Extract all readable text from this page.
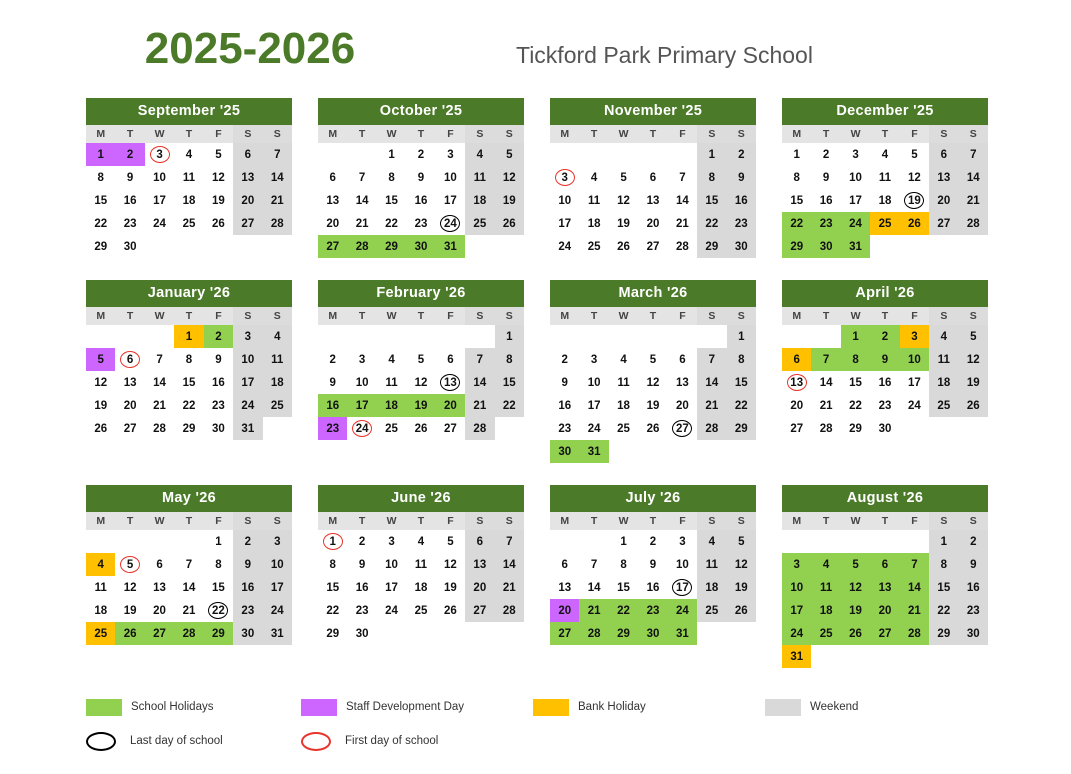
2025-2026	Tickford Park Primary School
September '25
M	T	W	T	F	S	S
1	2	3	4	5	6	7
8	9	10	11	12	13	14
15	16	17	18	19	20	21
22	23	24	25	26	27	28
29	30					
October '25
M	T	W	T	F	S	S
		1	2	3	4	5
6	7	8	9	10	11	12
13	14	15	16	17	18	19
20	21	22	23	24	25	26
27	28	29	30	31		
November '25
M	T	W	T	F	S	S
					1	2
3	4	5	6	7	8	9
10	11	12	13	14	15	16
17	18	19	20	21	22	23
24	25	26	27	28	29	30
December '25
M	T	W	T	F	S	S
1	2	3	4	5	6	7
8	9	10	11	12	13	14
15	16	17	18	19	20	21
22	23	24	25	26	27	28
29	30	31				
January '26
M	T	W	T	F	S	S
			1	2	3	4
5	6	7	8	9	10	11
12	13	14	15	16	17	18
19	20	21	22	23	24	25
26	27	28	29	30	31	
February '26
M	T	W	T	F	S	S
						1
2	3	4	5	6	7	8
9	10	11	12	13	14	15
16	17	18	19	20	21	22
23	24	25	26	27	28	
March '26
M	T	W	T	F	S	S
						1
2	3	4	5	6	7	8
9	10	11	12	13	14	15
16	17	18	19	20	21	22
23	24	25	26	27	28	29
30	31					
April '26
M	T	W	T	F	S	S
		1	2	3	4	5
6	7	8	9	10	11	12
13	14	15	16	17	18	19
20	21	22	23	24	25	26
27	28	29	30			
May '26
M	T	W	T	F	S	S
				1	2	3
4	5	6	7	8	9	10
11	12	13	14	15	16	17
18	19	20	21	22	23	24
25	26	27	28	29	30	31
June '26
M	T	W	T	F	S	S
1	2	3	4	5	6	7
8	9	10	11	12	13	14
15	16	17	18	19	20	21
22	23	24	25	26	27	28
29	30					
July '26
M	T	W	T	F	S	S
		1	2	3	4	5
6	7	8	9	10	11	12
13	14	15	16	17	18	19
20	21	22	23	24	25	26
27	28	29	30	31		
August '26
M	T	W	T	F	S	S
					1	2
3	4	5	6	7	8	9
10	11	12	13	14	15	16
17	18	19	20	21	22	23
24	25	26	27	28	29	30
31						
School Holidays	Staff Development Day	Bank Holiday	Weekend
Last day of school	First day of school
